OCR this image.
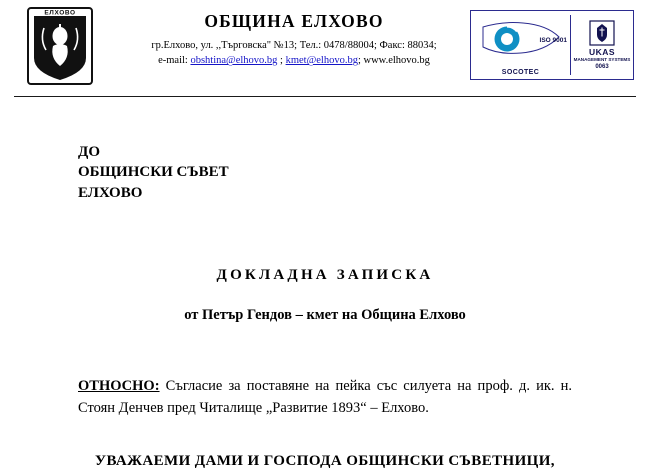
ЕЛХОВО	ОБЩИНА ЕЛХОВО
гр.Елхово, ул. ,,Търговска" №13; Тел.: 0478/88004; Факс: 88034;
e-mail: obshtina@elhovo.bg ; kmet@elhovo.bg; www.elhovo.bg
SOCOTEC
ISO 9001
UKAS
MANAGEMENT SYSTEMS
0063
ДО
ОБЩИНСКИ СЪВЕТ
ЕЛХОВО
ДОКЛАДНА ЗАПИСКА
от Петър Гендов – кмет на Община Елхово
ОТНОСНО: Съгласие за поставяне на пейка със силуета на проф. д. ик. н. Стоян Денчев пред Читалище „Развитие 1893“ – Елхово.
УВАЖАЕМИ ДАМИ И ГОСПОДА ОБЩИНСКИ СЪВЕТНИЦИ,
